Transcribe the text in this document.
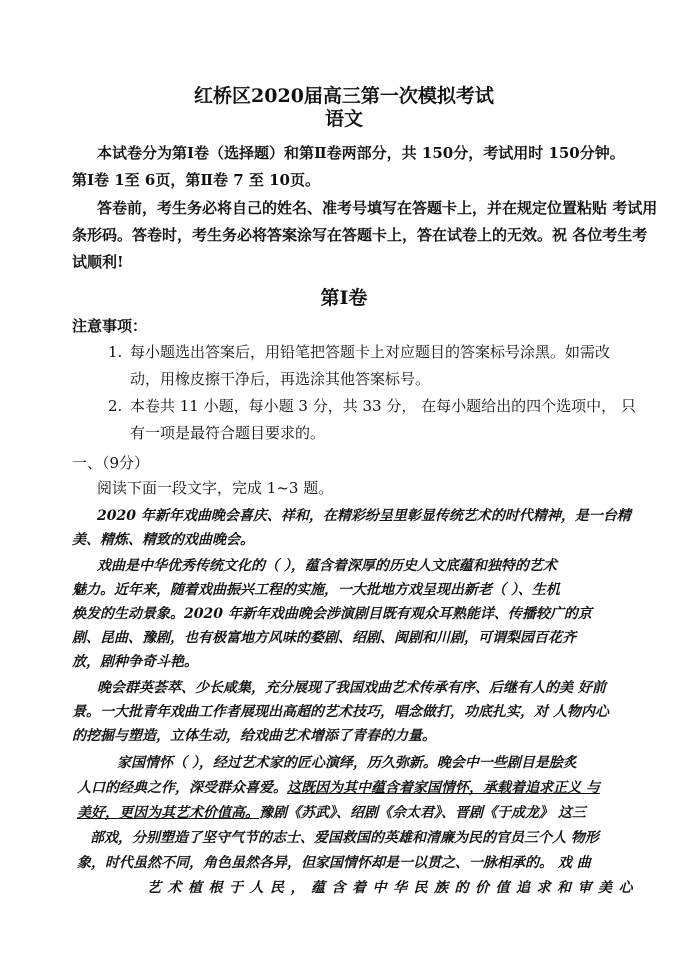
红桥区2020届高三第一次模拟考试
语文
本试卷分为第Ⅰ卷（选择题）和第Ⅱ卷两部分，共 150分，考试用时 150分钟。
第Ⅰ卷 1至 6页，第Ⅱ卷 7 至 10页。
答卷前，考生务必将自己的姓名、准考号填写在答题卡上，并在规定位置粘贴 考试用
条形码。答卷时，考生务必将答案涂写在答题卡上，答在试卷上的无效。祝 各位考生考
试顺利!
第Ⅰ卷
注意事项：
1. 每小题选出答案后，用铅笔把答题卡上对应题目的答案标号涂黑。如需改
动，用橡皮擦干净后，再选涂其他答案标号。
2. 本卷共 11 小题，每小题 3 分，共 33 分， 在每小题给出的四个选项中， 只
有一项是最符合题目要求的。
一、（9分）
阅读下面一段文字，完成 1~3 题。
2020 年新年戏曲晚会喜庆、祥和，在精彩纷呈里彰显传统艺术的时代精神，是一台精
美、精炼、精致的戏曲晚会。
戏曲是中华优秀传统文化的（ ），蕴含着深厚的历史人文底蕴和独特的艺术
魅力。近年来，随着戏曲振兴工程的实施，一大批地方戏呈现出新老（ ）、生机
焕发的生动景象。2020 年新年戏曲晚会涉演剧目既有观众耳熟能详、传播较广的京
剧、昆曲、豫剧，也有极富地方风味的婺剧、绍剧、闽剧和川剧，可谓梨园百花齐
放，剧种争奇斗艳。
晚会群英荟萃、少长咸集，充分展现了我国戏曲艺术传承有序、后继有人的美 好前
景。一大批青年戏曲工作者展现出高超的艺术技巧，唱念做打，功底扎实，对 人物内心
的挖掘与塑造，立体生动，给戏曲艺术增添了青春的力量。
家国情怀（ ），经过艺术家的匠心演绎，历久弥新。晚会中一些剧目是脍炙
人口的经典之作，深受群众喜爱。这既因为其中蕴含着家国情怀，承载着追求正义 与
美好，更因为其艺术价值高。豫剧《苏武》、绍剧《佘太君》、晋剧《于成龙》 这三
部戏，分别塑造了坚守气节的志士、爱国救国的英雄和清廉为民的官员三个人 物形
象，时代虽然不同，角色虽然各异，但家国情怀却是一以贯之、一脉相承的。 戏 曲
艺术植根于人民，蕴含着中华民族的价值追求和审美心
